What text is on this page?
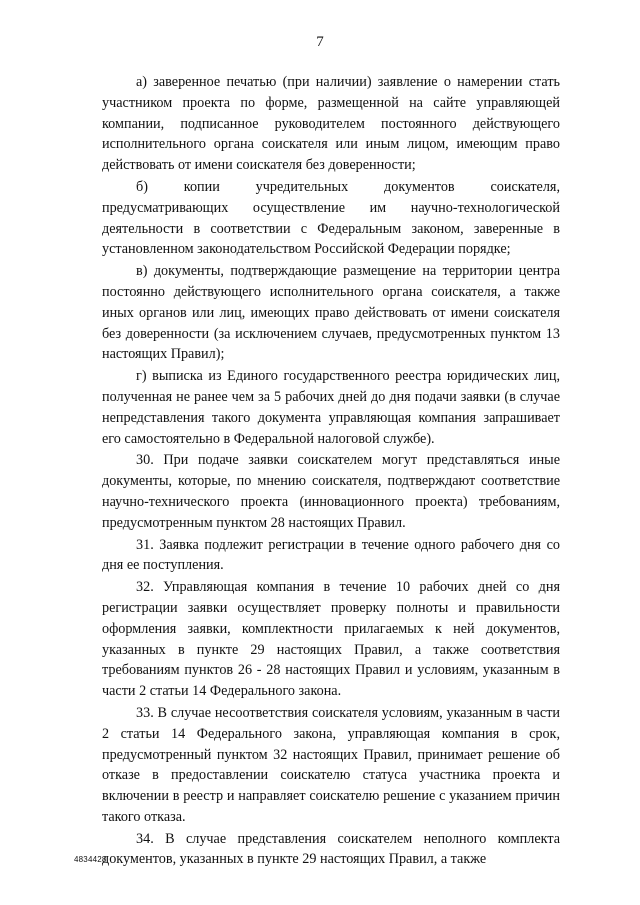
7

а) заверенное печатью (при наличии) заявление о намерении стать участником проекта по форме, размещенной на сайте управляющей компании, подписанное руководителем постоянного действующего исполнительного органа соискателя или иным лицом, имеющим право действовать от имени соискателя без доверенности;

б) копии учредительных документов соискателя, предусматривающих осуществление им научно-технологической деятельности в соответствии с Федеральным законом, заверенные в установленном законодательством Российской Федерации порядке;

в) документы, подтверждающие размещение на территории центра постоянно действующего исполнительного органа соискателя, а также иных органов или лиц, имеющих право действовать от имени соискателя без доверенности (за исключением случаев, предусмотренных пунктом 13 настоящих Правил);

г) выписка из Единого государственного реестра юридических лиц, полученная не ранее чем за 5 рабочих дней до дня подачи заявки (в случае непредставления такого документа управляющая компания запрашивает его самостоятельно в Федеральной налоговой службе).

30. При подаче заявки соискателем могут представляться иные документы, которые, по мнению соискателя, подтверждают соответствие научно-технического проекта (инновационного проекта) требованиям, предусмотренным пунктом 28 настоящих Правил.

31. Заявка подлежит регистрации в течение одного рабочего дня со дня ее поступления.

32. Управляющая компания в течение 10 рабочих дней со дня регистрации заявки осуществляет проверку полноты и правильности оформления заявки, комплектности прилагаемых к ней документов, указанных в пункте 29 настоящих Правил, а также соответствия требованиям пунктов 26 - 28 настоящих Правил и условиям, указанным в части 2 статьи 14 Федерального закона.

33. В случае несоответствия соискателя условиям, указанным в части 2 статьи 14 Федерального закона, управляющая компания в срок, предусмотренный пунктом 32 настоящих Правил, принимает решение об отказе в предоставлении соискателю статуса участника проекта и включении в реестр и направляет соискателю решение с указанием причин такого отказа.

34. В случае представления соискателем неполного комплекта документов, указанных в пункте 29 настоящих Правил, а также

4834428
